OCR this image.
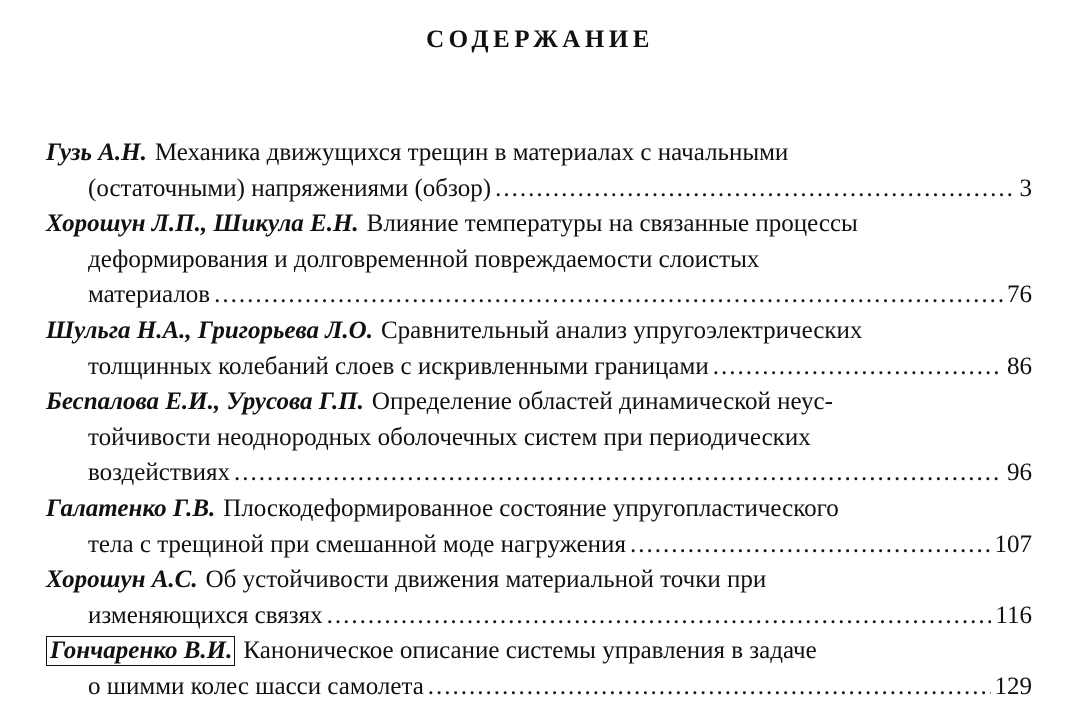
СОДЕРЖАНИЕ
Гузь А.Н. Механика движущихся трещин в материалах с начальными
(остаточными) напряжениями (обзор) .....	3
Хорошун Л.П., Шикула Е.Н. Влияние температуры на связанные процессы
деформирования и долговременной повреждаемости слоистых
материалов .....	76
Шульга Н.А., Григорьева Л.О. Сравнительный анализ упругоэлектрических
толщинных колебаний слоев с искривленными границами .....	86
Беспалова Е.И., Урусова Г.П. Определение областей динамической неус-
тойчивости неоднородных оболочечных систем при периодических
воздействиях .....	96
Галатенко Г.В. Плоскодеформированное состояние упругопластического
тела с трещиной при смешанной моде нагружения .....	107
Хорошун А.С. Об устойчивости движения материальной точки при
изменяющихся связях .....	116
Гончаренко В.И. Каноническое описание системы управления в задаче
о шимми колес шасси самолета .....	129
